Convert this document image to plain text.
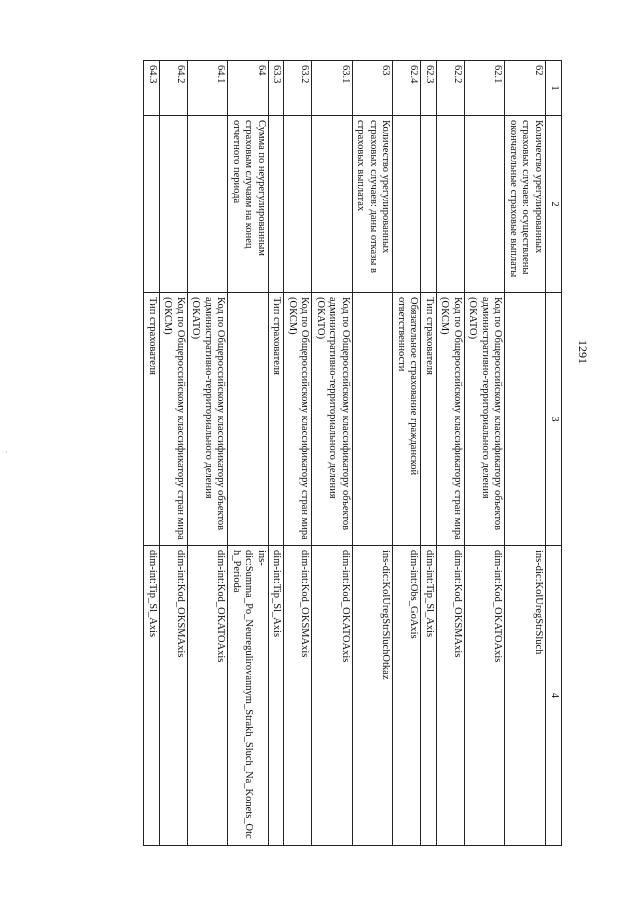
·
1	2	3	4
62	Количество урегулированных страховых случаев: осуществлены окончательные страховые выплаты		ins-dic:KolUregStrSluch
62.1		Код по Общероссийскому классификатору объектов административно-территориального деления (ОКАТО)	dim-int:Kod_OKATOAxis
62.2		Код по Общероссийскому классификатору стран мира (ОКСМ)	dim-int:Kod_OKSMAxis
62.3		Тип страхователя	dim-int:Tip_Sl_Axis
62.4		Обязательное страхование гражданской ответственности	dim-int:Obs_GoAxis
63	Количество урегулированных страховых случаев: даны отказы в страховых выплатах		ins-dic:KolUregStrSluchOtkaz
63.1		Код по Общероссийскому классификатору объектов административно-территориального деления (ОКАТО)	dim-int:Kod_OKATOAxis
63.2		Код по Общероссийскому классификатору стран мира (ОКСМ)	dim-int:Kod_OKSMAxis
63.3		Тип страхователя	dim-int:Tip_Sl_Axis
64	Сумма по неурегулированным страховым случаям на конец отчетного периода		ins-dic:Summa_Po_Neuregulirovannym_Strakh_Sluch_Na_Konets_Otch_Perioda
64.1		Код по Общероссийскому классификатору объектов административно-территориального деления (ОКАТО)	dim-int:Kod_OKATOAxis
64.2		Код по Общероссийскому классификатору стран мира (ОКСМ)	dim-int:Kod_OKSMAxis
64.3		Тип страхователя	dim-int:Tip_Sl_Axis
1291
